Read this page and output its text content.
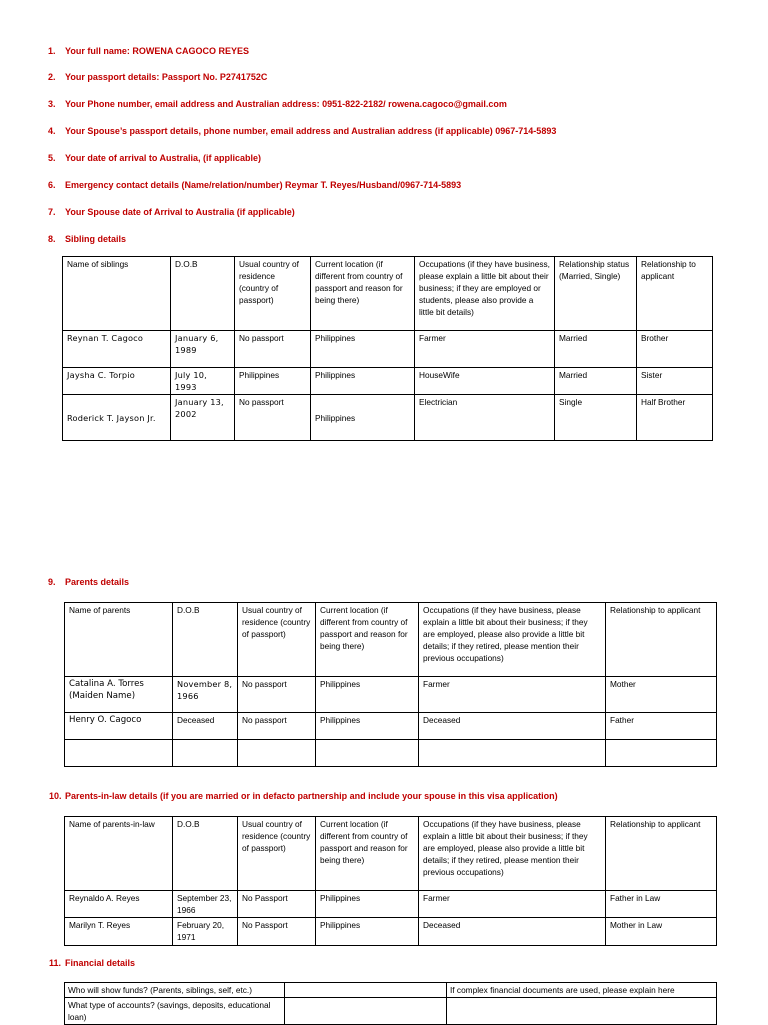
1. Your full name: ROWENA CAGOCO REYES
2. Your passport details: Passport No. P2741752C
3. Your Phone number, email address and Australian address: 0951-822-2182/ rowena.cagoco@gmail.com
4. Your Spouse’s passport details, phone number, email address and Australian address (if applicable) 0967-714-5893
5. Your date of arrival to Australia, (if applicable)
6. Emergency contact details (Name/relation/number) Reymar T. Reyes/Husband/0967-714-5893
7. Your Spouse date of Arrival to Australia (if applicable)
8. Sibling details
Name of siblings	D.O.B	Usual country of residence (country of passport)	Current location (if different from country of passport and reason for being there)	Occupations (if they have business, please explain a little bit about their business; if they are employed or students, please also provide a little bit details)	Relationship status (Married, Single)	Relationship to applicant
Reynan T. Cagoco	January 6, 1989	No passport	Philippines	Farmer	Married	Brother
Jaysha C. Torpio	July 10, 1993	Philippines	Philippines	HouseWife	Married	Sister
Roderick T. Jayson Jr.	January 13, 2002	No passport	Philippines	Electrician	Single	Half Brother
9. Parents details
Name of parents	D.O.B	Usual country of residence (country of passport)	Current location (if different from country of passport and reason for being there)	Occupations (if they have business, please explain a little bit about their business; if they are employed, please also provide a little bit details; if they retired, please mention their previous occupations)	Relationship to applicant
Catalina A. Torres (Maiden Name)	November 8, 1966	No passport	Philippines	Farmer	Mother
Henry O. Cagoco	Deceased	No passport	Philippines	Deceased	Father

10. Parents-in-law details (if you are married or in defacto partnership and include your spouse in this visa application)
Name of parents-in-law	D.O.B	Usual country of residence (country of passport)	Current location (if different from country of passport and reason for being there)	Occupations (if they have business, please explain a little bit about their business; if they are employed, please also provide a little bit details; if they retired, please mention their previous occupations)	Relationship to applicant
Reynaldo A. Reyes	September 23, 1966	No Passport	Philippines	Farmer	Father in Law
Marilyn T. Reyes	February 20, 1971	No Passport	Philippines	Deceased	Mother in Law
11. Financial details
Who will show funds? (Parents, siblings, self, etc.)		If complex financial documents are used, please explain here
What type of accounts? (savings, deposits, educational loan)		
